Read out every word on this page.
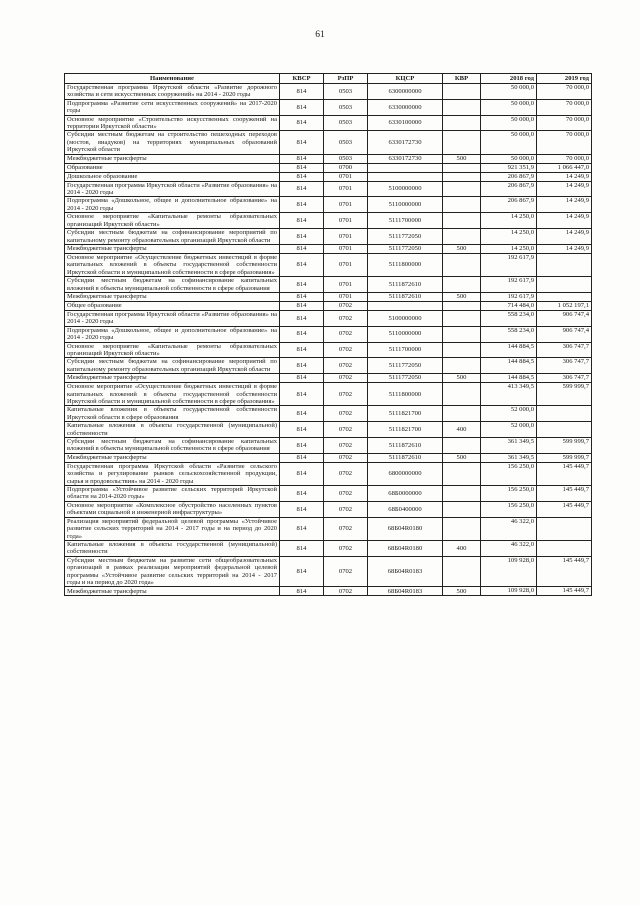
61
Наименование	КВСР	РзПР	КЦСР	КВР	2018 год	2019 год
Государственная программа Иркутской области «Развитие дорожного хозяйства и сети искусственных сооружений» на 2014 - 2020 годы	814	0503	6300000000		50 000,0	70 000,0
Подпрограмма «Развитие сети искусственных сооружений» на 2017-2020 годы	814	0503	6330000000		50 000,0	70 000,0
Основное мероприятие «Строительство искусственных сооружений на территории Иркутской области»	814	0503	6330100000		50 000,0	70 000,0
Субсидии местным бюджетам на строительство пешеходных переходов (мостов, виадуков) на территориях муниципальных образований Иркутской области	814	0503	6330172730		50 000,0	70 000,0
Межбюджетные трансферты	814	0503	6330172730	500	50 000,0	70 000,0
Образование	814	0700			921 351,9	1 066 447,0
Дошкольное образование	814	0701			206 867,9	14 249,9
Государственная программа Иркутской области «Развитие образования» на 2014 - 2020 годы	814	0701	5100000000		206 867,9	14 249,9
Подпрограмма «Дошкольное, общее и дополнительное образование» на 2014 - 2020 годы	814	0701	5110000000		206 867,9	14 249,9
Основное мероприятие «Капитальные ремонты образовательных организаций Иркутской области»	814	0701	5111700000		14 250,0	14 249,9
Субсидии местным бюджетам на софинансирование мероприятий по капитальному ремонту образовательных организаций Иркутской области	814	0701	5111772050		14 250,0	14 249,9
Межбюджетные трансферты	814	0701	5111772050	500	14 250,0	14 249,9
Основное мероприятие «Осуществление бюджетных инвестиций в форме капитальных вложений в объекты государственной собственности Иркутской области и муниципальной собственности в сфере образования»	814	0701	5111800000		192 617,9	
Субсидии местным бюджетам на софинансирование капитальных вложений в объекты муниципальной собственности в сфере образования	814	0701	5111872610		192 617,9	
Межбюджетные трансферты	814	0701	5111872610	500	192 617,9	
Общее образование	814	0702			714 484,0	1 052 197,1
Государственная программа Иркутской области «Развитие образования» на 2014 - 2020 годы	814	0702	5100000000		558 234,0	906 747,4
Подпрограмма «Дошкольное, общее и дополнительное образование» на 2014 - 2020 годы	814	0702	5110000000		558 234,0	906 747,4
Основное мероприятие «Капитальные ремонты образовательных организаций Иркутской области»	814	0702	5111700000		144 884,5	306 747,7
Субсидии местным бюджетам на софинансирование мероприятий по капитальному ремонту образовательных организаций Иркутской области	814	0702	5111772050		144 884,5	306 747,7
Межбюджетные трансферты	814	0702	5111772050	500	144 884,5	306 747,7
Основное мероприятие «Осуществление бюджетных инвестиций в форме капитальных вложений в объекты государственной собственности Иркутской области и муниципальной собственности в сфере образования»	814	0702	5111800000		413 349,5	599 999,7
Капитальные вложения в объекты государственной собственности Иркутской области в сфере образования	814	0702	5111821700		52 000,0	
Капитальные вложения в объекты государственной (муниципальной) собственности	814	0702	5111821700	400	52 000,0	
Субсидии местным бюджетам на софинансирование капитальных вложений в объекты муниципальной собственности в сфере образования	814	0702	5111872610		361 349,5	599 999,7
Межбюджетные трансферты	814	0702	5111872610	500	361 349,5	599 999,7
Государственная программа Иркутской области «Развитие сельского хозяйства и регулирование рынков сельскохозяйственной продукции, сырья и продовольствия» на 2014 - 2020 годы	814	0702	6800000000		156 250,0	145 449,7
Подпрограмма «Устойчивое развитие сельских территорий Иркутской области на 2014-2020 годы»	814	0702	68Б0000000		156 250,0	145 449,7
Основное мероприятие «Комплексное обустройство населенных пунктов объектами социальной и инженерной инфраструктуры»	814	0702	68Б0400000		156 250,0	145 449,7
Реализация мероприятий федеральной целевой программы «Устойчивое развитие сельских территорий на 2014 - 2017 годы и на период до 2020 года»	814	0702	68Б04R0180		46 322,0	
Капитальные вложения в объекты государственной (муниципальной) собственности	814	0702	68Б04R0180	400	46 322,0	
Субсидии местным бюджетам на развитие сети общеобразовательных организаций в рамках реализации мероприятий федеральной целевой программы «Устойчивое развитие сельских территорий на 2014 - 2017 годы и на период до 2020 года»	814	0702	68Б04R0183		109 928,0	145 449,7
Межбюджетные трансферты	814	0702	68Б04R0183	500	109 928,0	145 449,7
